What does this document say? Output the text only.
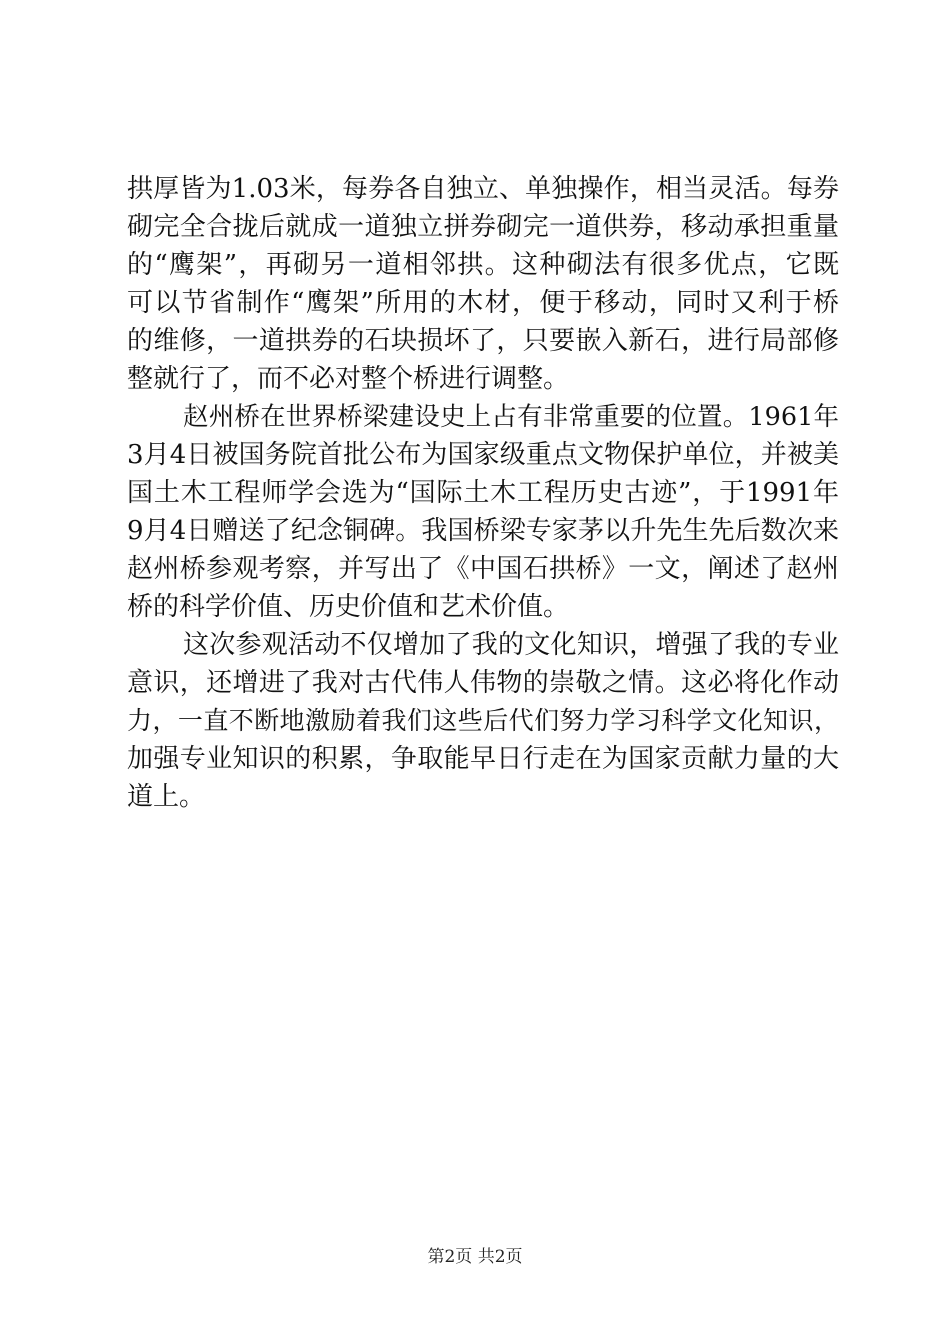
拱厚皆为1.03米，每券各自独立、单独操作，相当灵活。每券
砌完全合拢后就成一道独立拼券砌完一道供券，移动承担重量
的“鹰架”，再砌另一道相邻拱。这种砌法有很多优点，它既
可以节省制作“鹰架”所用的木材，便于移动，同时又利于桥
的维修，一道拱券的石块损坏了，只要嵌入新石，进行局部修
整就行了，而不必对整个桥进行调整。
赵州桥在世界桥梁建设史上占有非常重要的位置。1961年
3月4日被国务院首批公布为国家级重点文物保护单位，并被美
国土木工程师学会选为“国际土木工程历史古迹”，于1991年
9月4日赠送了纪念铜碑。我国桥梁专家茅以升先生先后数次来
赵州桥参观考察，并写出了《中国石拱桥》一文，阐述了赵州
桥的科学价值、历史价值和艺术价值。
这次参观活动不仅增加了我的文化知识，增强了我的专业
意识，还增进了我对古代伟人伟物的崇敬之情。这必将化作动
力，一直不断地激励着我们这些后代们努力学习科学文化知识，
加强专业知识的积累，争取能早日行走在为国家贡献力量的大
道上。
第2页 共2页
